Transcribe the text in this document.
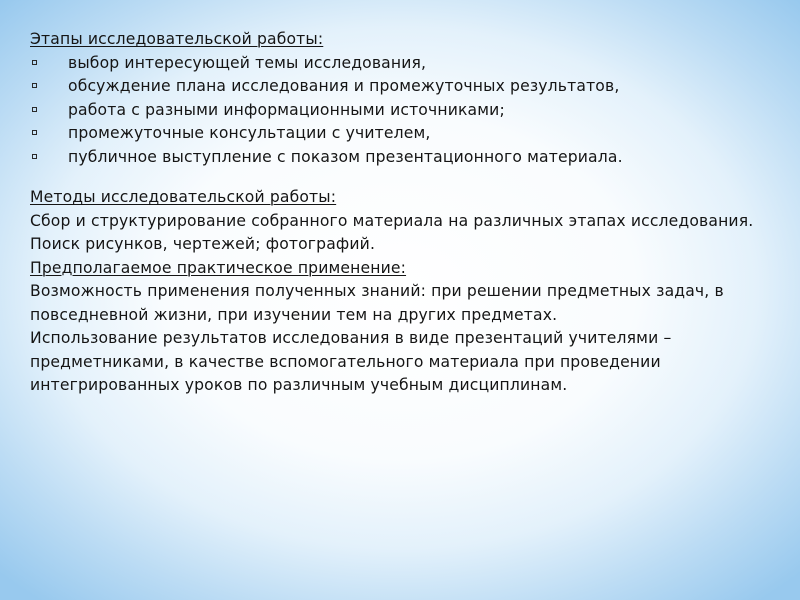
Этапы исследовательской работы:
выбор интересующей темы исследования,
обсуждение плана исследования и промежуточных результатов,
работа с разными информационными источниками;
промежуточные консультации с учителем,
публичное выступление с показом презентационного материала.
Методы исследовательской работы:

Сбор и структурирование собранного материала на различных этапах исследования.

Поиск рисунков, чертежей; фотографий.

Предполагаемое практическое применение:

Возможность применения полученных знаний: при решении предметных задач, в повседневной жизни, при изучении тем на других предметах.

Использование результатов исследования в виде презентаций учителями – предметниками, в качестве вспомогательного материала при проведении интегрированных уроков по различным учебным дисциплинам.
